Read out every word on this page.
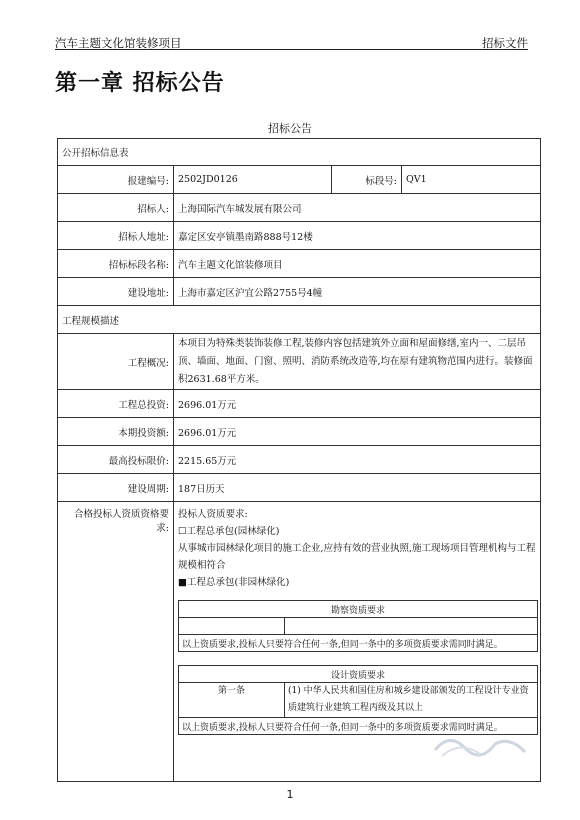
汽车主题文化馆装修项目	招标文件
第一章 招标公告
招标公告
公开招标信息表
报建编号:	2502JD0126	标段号:	QV1
招标人:	上海国际汽车城发展有限公司
招标人地址:	嘉定区安亭镇墨南路888号12楼
招标标段名称:	汽车主题文化馆装修项目
建设地址:	上海市嘉定区沪宜公路2755号4幢
工程规模描述
工程概况:	本项目为特殊类装饰装修工程,装修内容包括建筑外立面和屋面修缮,室内一、二层吊顶、墙面、地面、门窗、照明、消防系统改造等,均在原有建筑物范围内进行。装修面积2631.68平方米。
工程总投资:	2696.01万元
本期投资额:	2696.01万元
最高投标限价:	2215.65万元
建设周期:	187日历天
合格投标人资质资格要求:	
投标人资质要求:
☐工程总承包(园林绿化)
从事城市园林绿化项目的施工企业,应持有效的营业执照,施工现场项目管理机构与工程规模相符合
■工程总承包(非园林绿化)
勘察资质要求

以上资质要求,投标人只要符合任何一条,但同一条中的多项资质要求需同时满足。
设计资质要求
第一条	(1) 中华人民共和国住房和城乡建设部颁发的工程设计专业资质建筑行业建筑工程丙级及其以上
以上资质要求,投标人只要符合任何一条,但同一条中的多项资质要求需同时满足。
1
